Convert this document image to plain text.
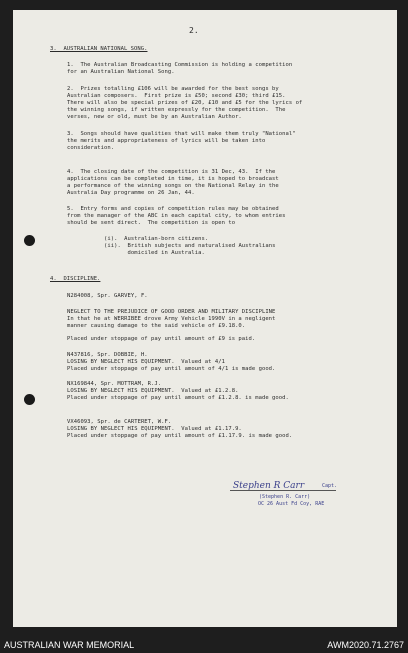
2.
3.  AUSTRALIAN NATIONAL SONG.
1.  The Australian Broadcasting Commission is holding a competition
for an Australian National Song.
2.  Prizes totalling £106 will be awarded for the best songs by
Australian composers.  First prize is £50; second £30; third £15.
There will also be special prizes of £20, £10 and £5 for the lyrics of
the winning songs, if written expressly for the competition.  The
verses, new or old, must be by an Australian Author.
3.  Songs should have qualities that will make them truly "National"
the merits and appropriateness of lyrics will be taken into
consideration.
4.  The closing date of the competition is 31 Dec, 43.  If the
applications can be completed in time, it is hoped to broadcast
a performance of the winning songs on the National Relay in the
Australia Day programme on 26 Jan, 44.
5.  Entry forms and copies of competition rules may be obtained
from the manager of the ABC in each capital city, to whom entries
should be sent direct.  The competition is open to
(i).  Australian-born citizens.
(ii).  British subjects and naturalised Australians
domiciled in Australia.
4.  DISCIPLINE.
N284008, Spr. GARVEY, F.
NEGLECT TO THE PREJUDICE OF GOOD ORDER AND MILITARY DISCIPLINE
In that he at WERRIBEE drove Army Vehicle 1990V in a negligent
manner causing damage to the said vehicle of £9.18.0.
Placed under stoppage of pay until amount of £9 is paid.
N437816, Spr. DOBBIE, H.
LOSING BY NEGLECT HIS EQUIPMENT.  Valued at 4/1
Placed under stoppage of pay until amount of 4/1 is made good.
NX169844, Spr. MOTTRAM, R.J.
LOSING BY NEGLECT HIS EQUIPMENT.  Valued at £1.2.8.
Placed under stoppage of pay until amount of £1.2.8. is made good.
VX46093, Spr. de CARTERET, W.F.
LOSING BY NEGLECT HIS EQUIPMENT.  Valued at £1.17.9.
Placed under stoppage of pay until amount of £1.17.9. is made good.
Stephen R Carr	Capt.
(Stephen R. Carr)
OC 26 Aust Fd Coy, RAE
AUSTRALIAN WAR MEMORIAL	AWM2020.71.2767
